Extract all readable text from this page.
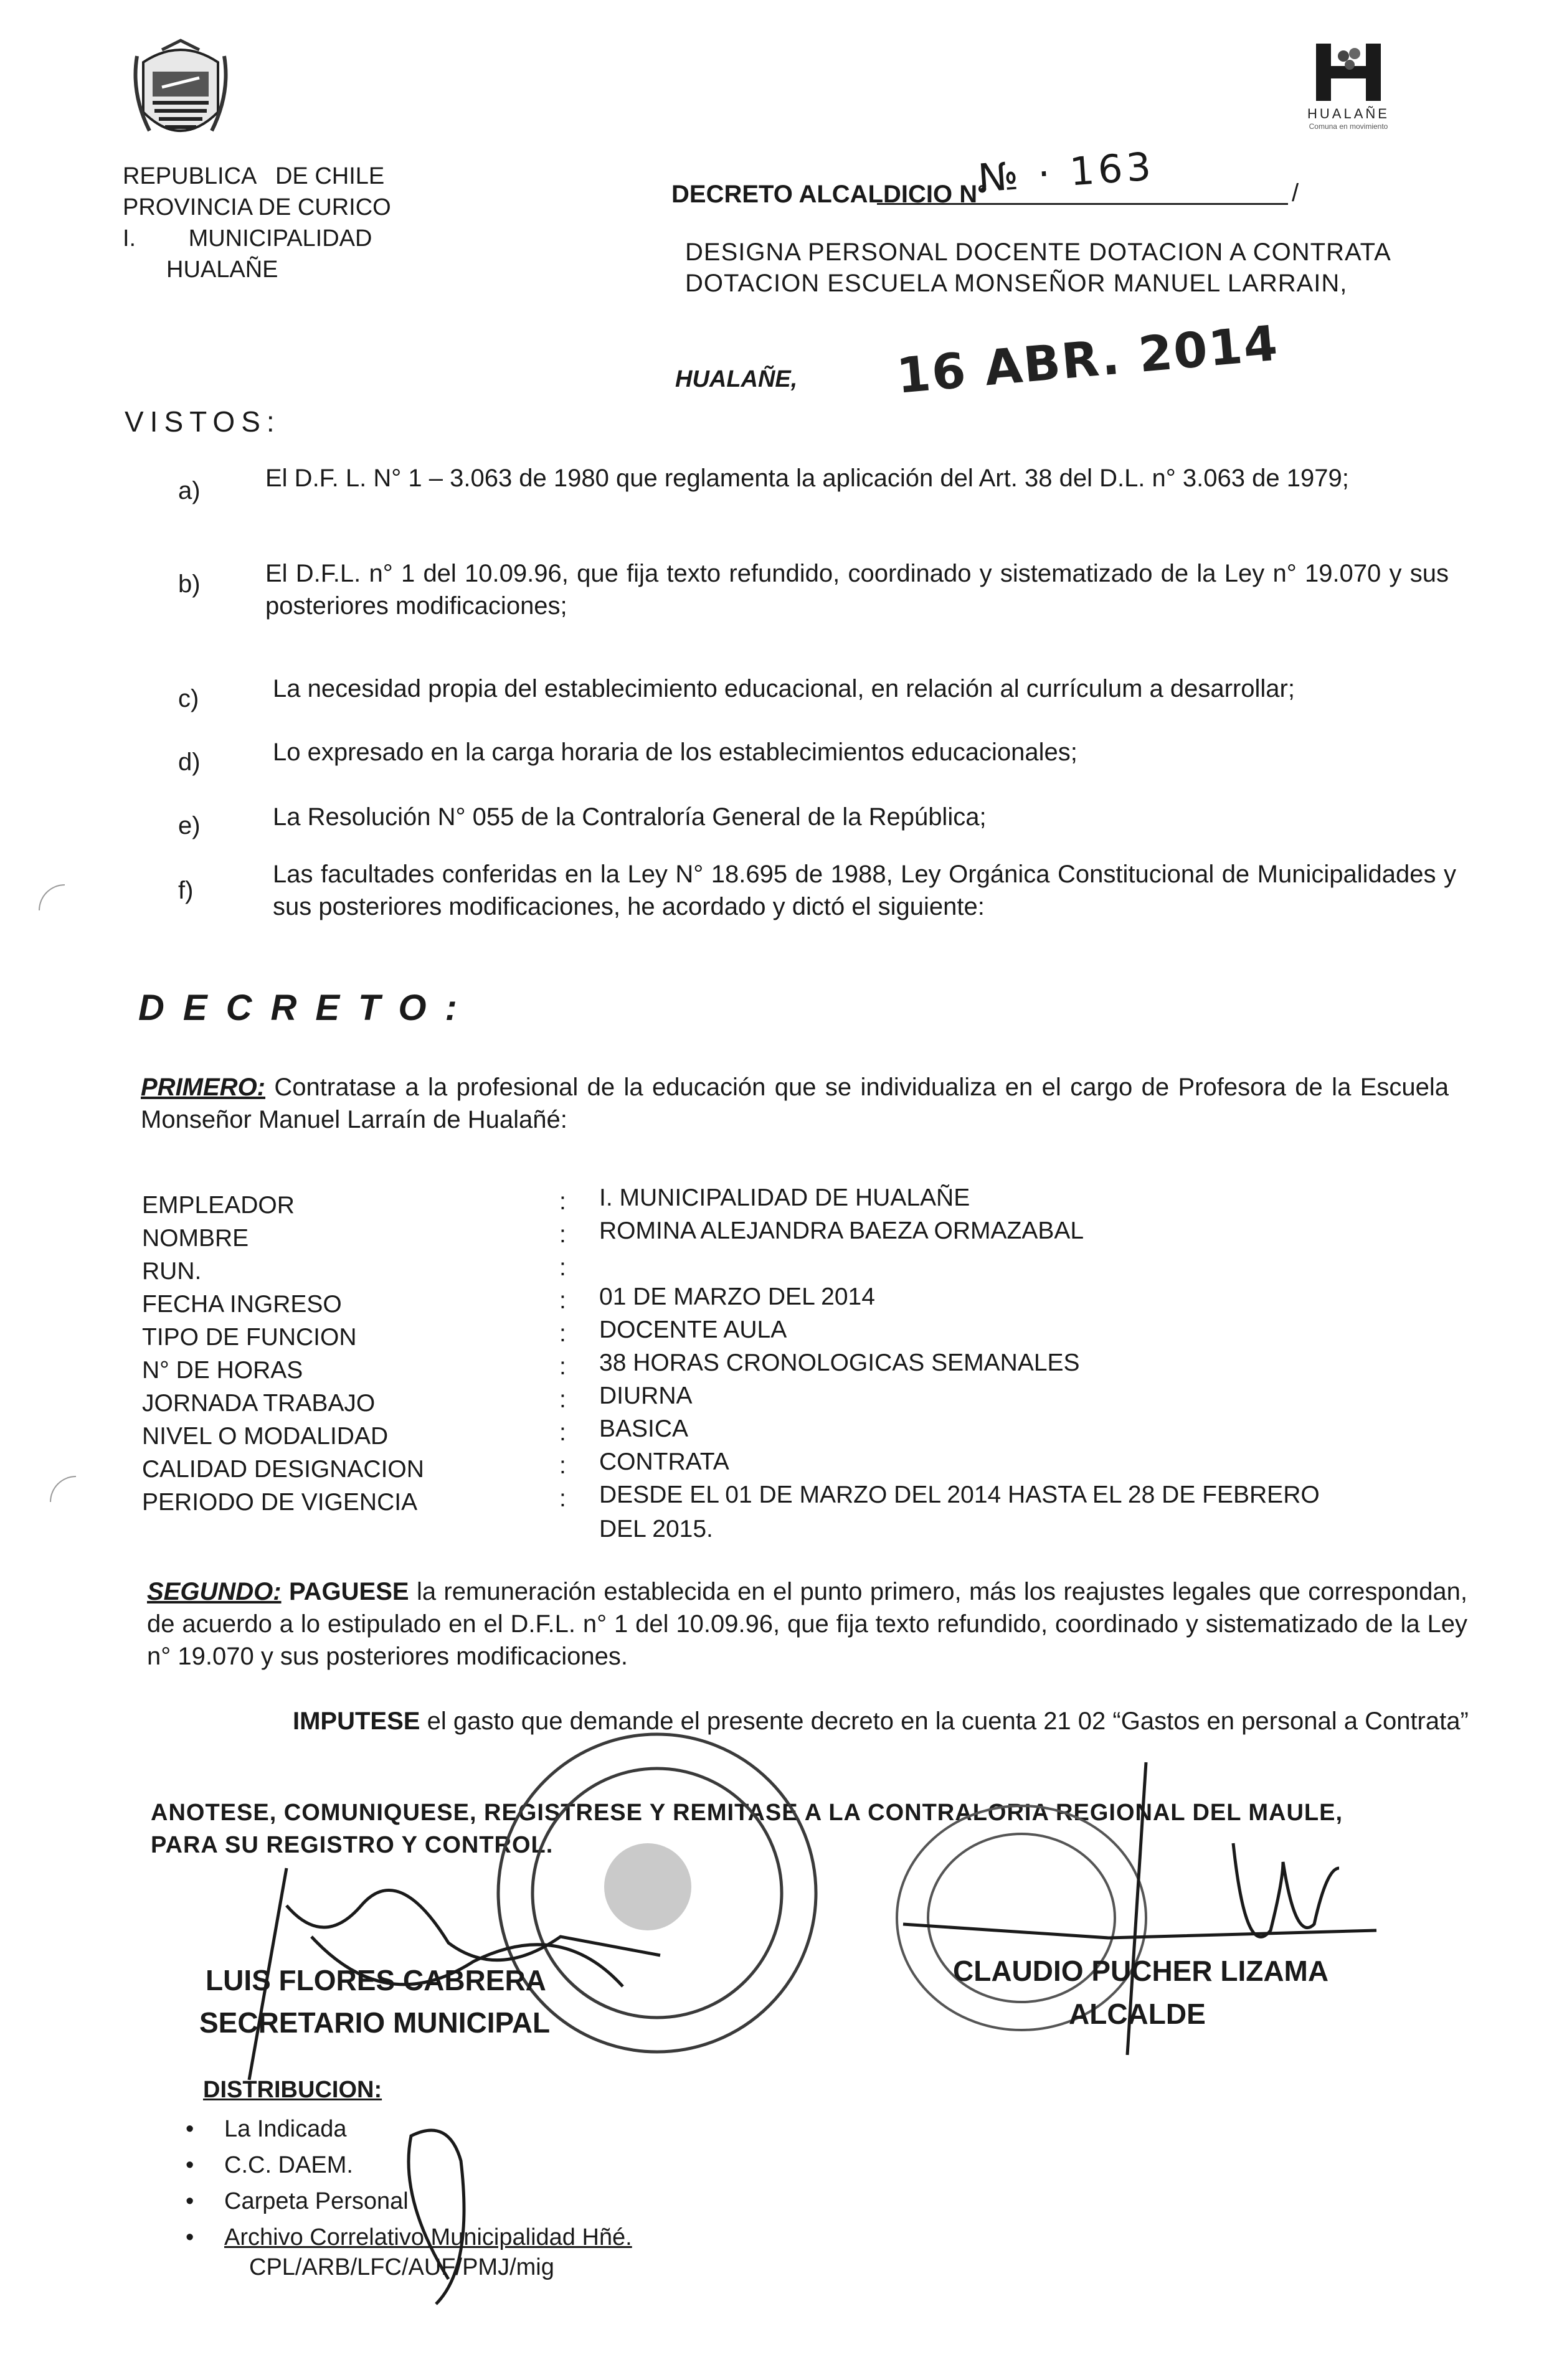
HUALAÑE
Comuna en movimiento
REPUBLICA   DE CHILE
PROVINCIA DE CURICO
I.        MUNICIPALIDAD
HUALAÑE
DECRETO ALCALDICIO N°	/
№ · 163
DESIGNA PERSONAL DOCENTE DOTACION A CONTRATA
DOTACION ESCUELA MONSEÑOR MANUEL LARRAIN,
HUALAÑE, 16 ABR. 2014
VISTOS:
a)	El D.F. L. N° 1 – 3.063 de 1980 que reglamenta la aplicación del Art. 38 del D.L. n° 3.063 de 1979;
b)	El D.F.L. n° 1 del 10.09.96, que fija texto refundido, coordinado y sistematizado de la Ley n° 19.070 y sus posteriores modificaciones;
c)	La necesidad propia del establecimiento educacional, en relación al currículum a desarrollar;
d)	Lo expresado en la carga horaria de los establecimientos educacionales;
e)	La Resolución N° 055 de la Contraloría General de la República;
f)
Las facultades conferidas en la Ley N° 18.695 de 1988, Ley Orgánica Constitucional de Municipalidades y sus posteriores modificaciones, he acordado y dictó el siguiente:
DECRETO:
PRIMERO: Contratase a la profesional de la educación que se individualiza en el cargo de Profesora de la Escuela Monseñor Manuel Larraín de Hualañé:
EMPLEADOR	: I. MUNICIPALIDAD DE HUALAÑE
NOMBRE	: ROMINA ALEJANDRA BAEZA ORMAZABAL
RUN.	:
FECHA INGRESO	: 01 DE MARZO DEL 2014
TIPO DE FUNCION	: DOCENTE AULA
N° DE HORAS	: 38 HORAS CRONOLOGICAS SEMANALES
JORNADA TRABAJO	: DIURNA
NIVEL O MODALIDAD	: BASICA
CALIDAD DESIGNACION	: CONTRATA
PERIODO DE VIGENCIA	: DESDE EL 01 DE MARZO DEL 2014 HASTA EL 28 DE FEBRERO
DEL 2015.
SEGUNDO: PAGUESE la remuneración establecida en el punto primero, más los reajustes legales que correspondan, de acuerdo a lo estipulado en el D.F.L. n° 1 del 10.09.96, que fija texto refundido, coordinado y sistematizado de la Ley n° 19.070 y sus posteriores modificaciones.
IMPUTESE el gasto que demande el presente decreto en la cuenta 21 02 “Gastos en personal a Contrata”
ANOTESE, COMUNIQUESE, REGISTRESE Y REMITASE A LA CONTRALORIA REGIONAL DEL MAULE,
PARA SU REGISTRO Y CONTROL.
LUIS FLORES CABRERA
SECRETARIO MUNICIPAL
CLAUDIO PUCHER LIZAMA
ALCALDE
DISTRIBUCION:
• La Indicada
• C.C. DAEM.
• Carpeta Personal
• Archivo Correlativo Municipalidad Hñé.
CPL/ARB/LFC/AUF/PMJ/mig
